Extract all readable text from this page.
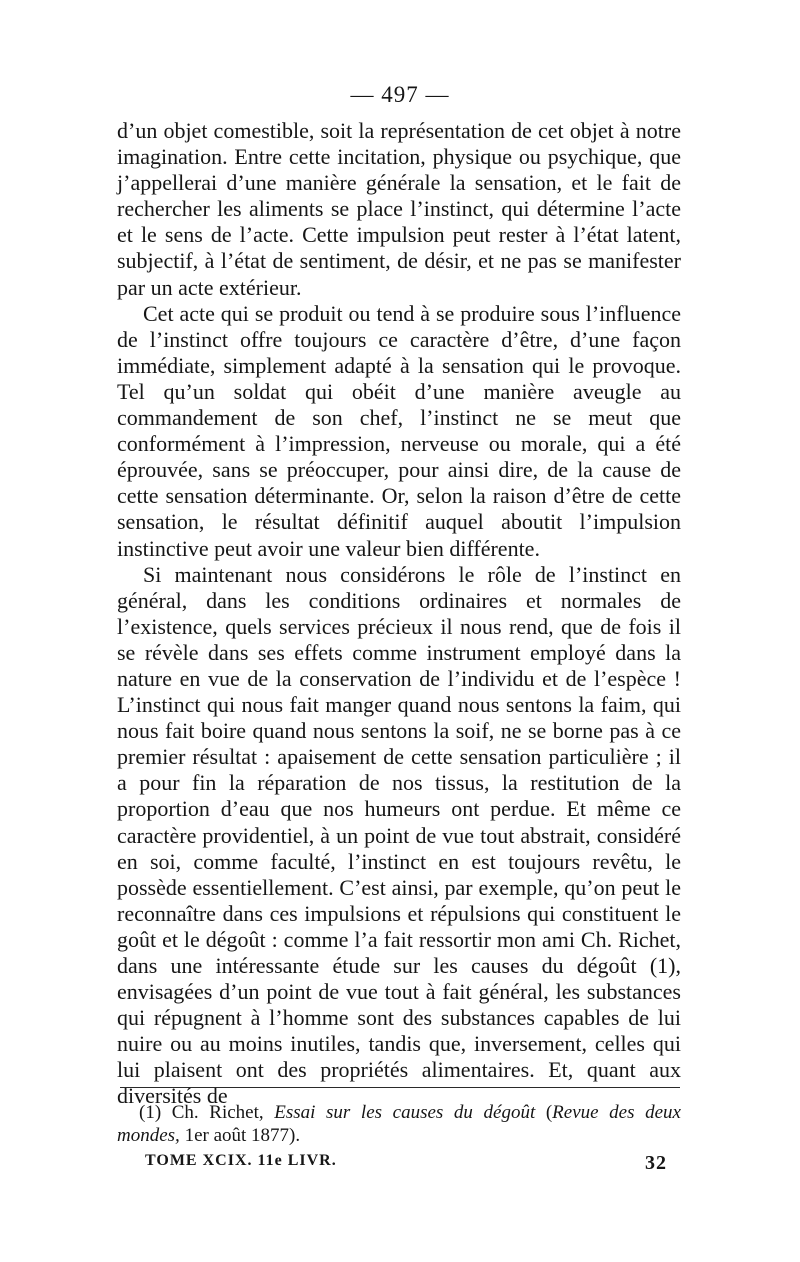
— 497 —

d’un objet comestible, soit la représentation de cet objet à notre imagination. Entre cette incitation, physique ou psychique, que j’appellerai d’une manière générale la sensation, et le fait de rechercher les aliments se place l’instinct, qui détermine l’acte et le sens de l’acte. Cette impulsion peut rester à l’état latent, subjectif, à l’état de sentiment, de désir, et ne pas se manifester par un acte extérieur.

Cet acte qui se produit ou tend à se produire sous l’influence de l’instinct offre toujours ce caractère d’être, d’une façon immédiate, simplement adapté à la sensation qui le provoque. Tel qu’un soldat qui obéit d’une manière aveugle au commandement de son chef, l’instinct ne se meut que conformément à l’impression, nerveuse ou morale, qui a été éprouvée, sans se préoccuper, pour ainsi dire, de la cause de cette sensation déterminante. Or, selon la raison d’être de cette sensation, le résultat définitif auquel aboutit l’impulsion instinctive peut avoir une valeur bien différente.

Si maintenant nous considérons le rôle de l’instinct en général, dans les conditions ordinaires et normales de l’existence, quels services précieux il nous rend, que de fois il se révèle dans ses effets comme instrument employé dans la nature en vue de la conservation de l’individu et de l’espèce ! L’instinct qui nous fait manger quand nous sentons la faim, qui nous fait boire quand nous sentons la soif, ne se borne pas à ce premier résultat : apaisement de cette sensation particulière ; il a pour fin la réparation de nos tissus, la restitution de la proportion d’eau que nos humeurs ont perdue. Et même ce caractère providentiel, à un point de vue tout abstrait, considéré en soi, comme faculté, l’instinct en est toujours revêtu, le possède essentiellement. C’est ainsi, par exemple, qu’on peut le reconnaître dans ces impulsions et répulsions qui constituent le goût et le dégoût : comme l’a fait ressortir mon ami Ch. Richet, dans une intéressante étude sur les causes du dégoût (1), envisagées d’un point de vue tout à fait général, les substances qui répugnent à l’homme sont des substances capables de lui nuire ou au moins inutiles, tandis que, inversement, celles qui lui plaisent ont des propriétés alimentaires. Et, quant aux diversités de

(1) Ch. Richet, Essai sur les causes du dégoût (Revue des deux mondes, 1er août 1877).

TOME XCIX. 11e LIVR.	32
